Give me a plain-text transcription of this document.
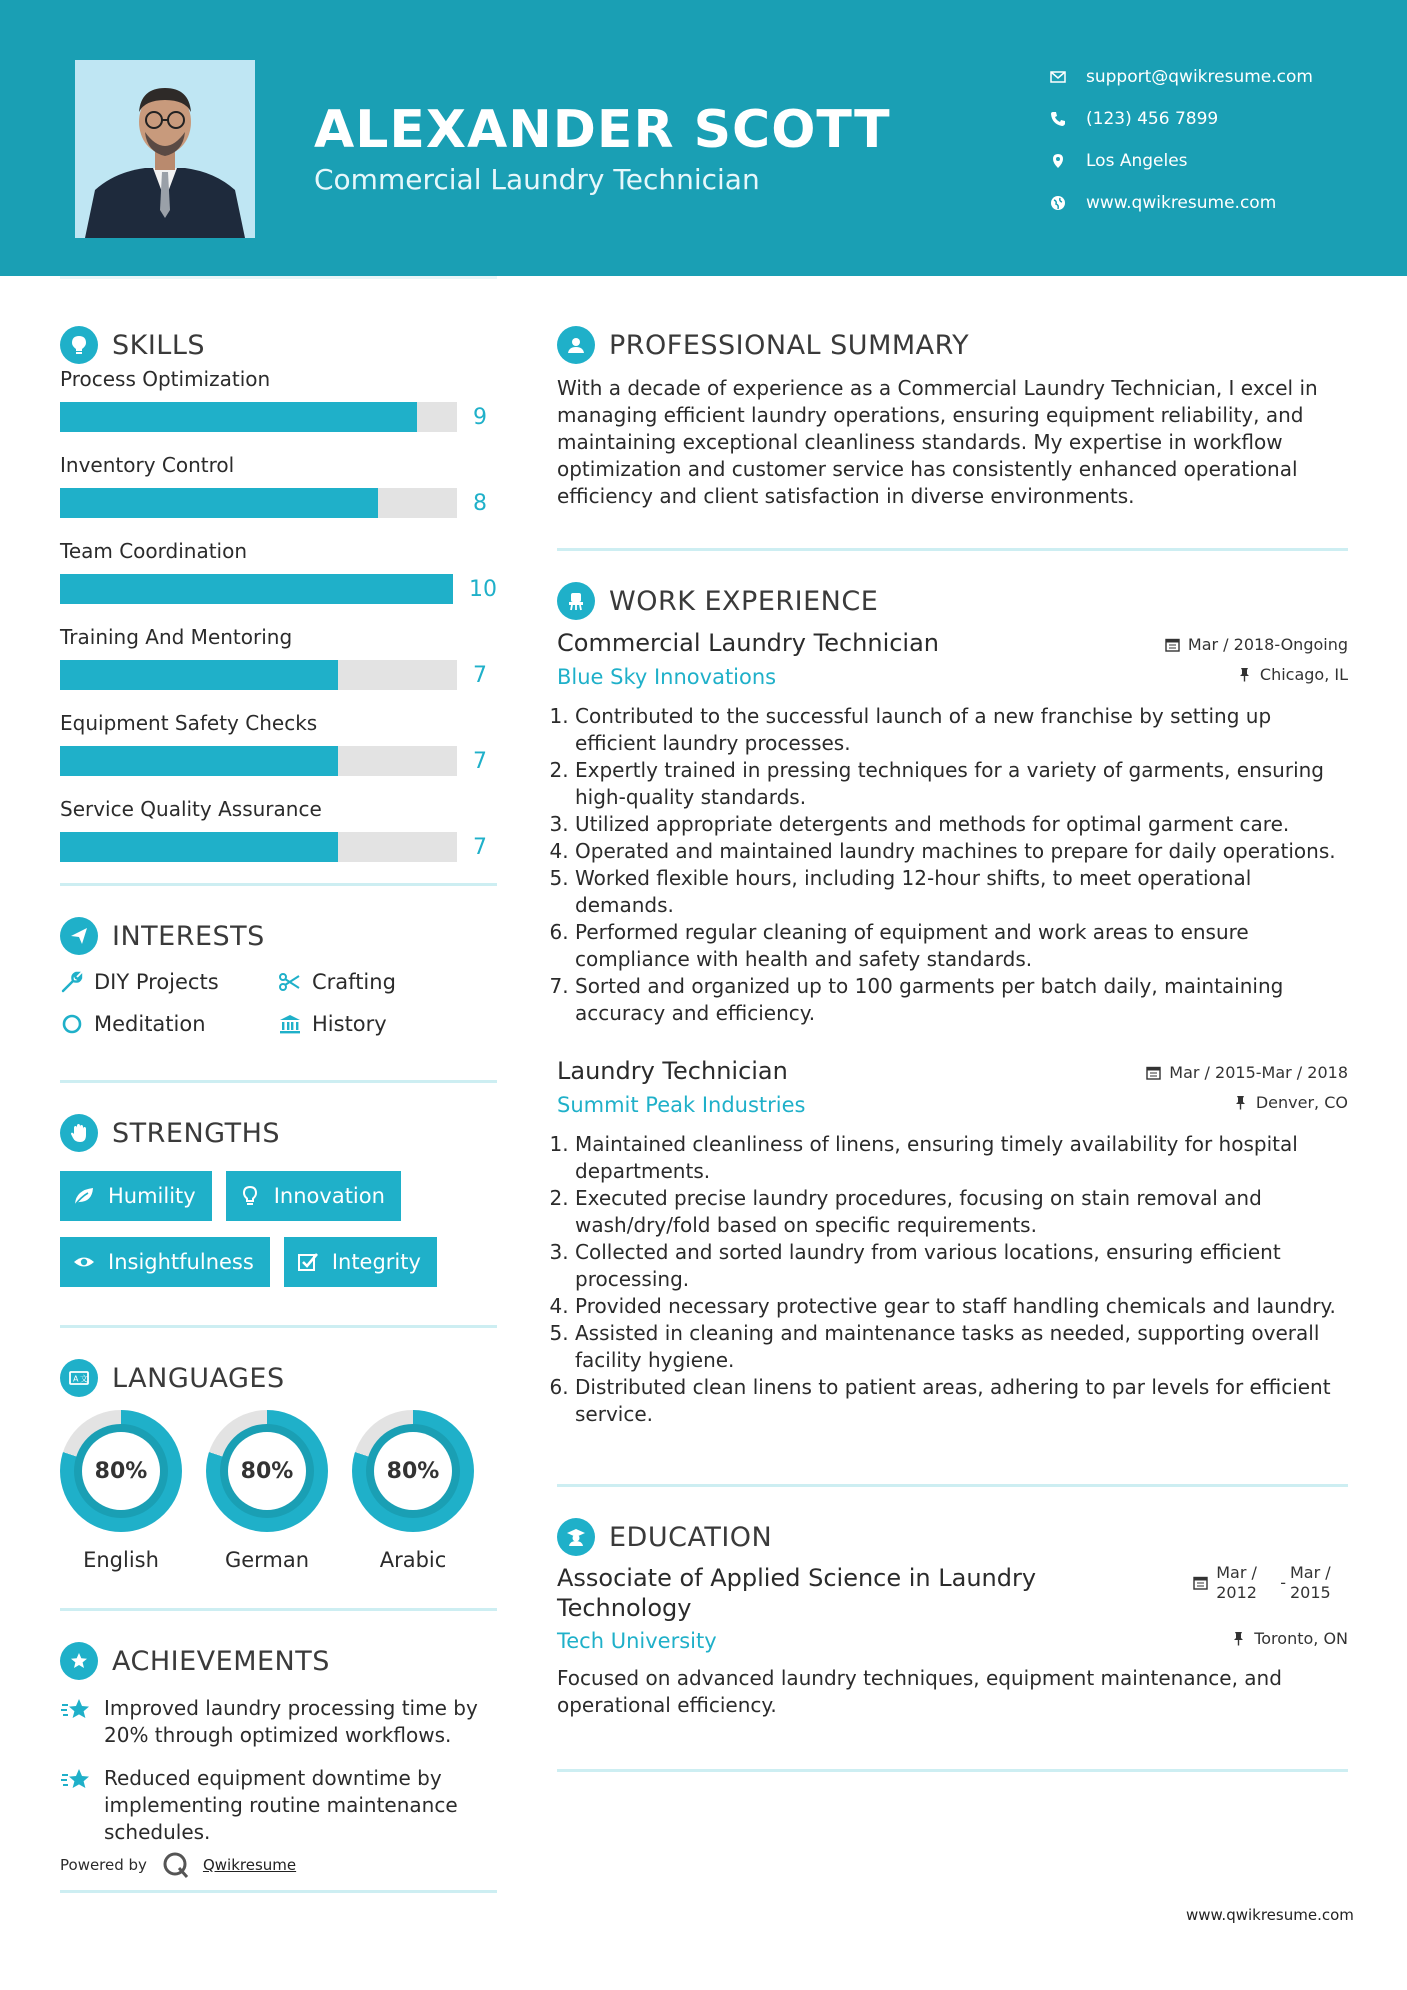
ALEXANDER SCOTT
Commercial Laundry Technician
support@qwikresume.com
(123) 456 7899
Los Angeles
www.qwikresume.com
SKILLS
Process Optimization
9
Inventory Control
8
Team Coordination
10
Training And Mentoring
7
Equipment Safety Checks
7
Service Quality Assurance
7
INTERESTS
DIY Projects	Crafting
Meditation	History
STRENGTHS
Humility	Innovation
Insightfulness	Integrity
A 文 LANGUAGES
80%
English
80%
German
80%
Arabic
ACHIEVEMENTS
Improved laundry processing time by 20% through optimized workflows.
Reduced equipment downtime by implementing routine maintenance schedules.
Powered by	Qwikresume
PROFESSIONAL SUMMARY
With a decade of experience as a Commercial Laundry Technician, I excel in managing efficient laundry operations, ensuring equipment reliability, and maintaining exceptional cleanliness standards. My expertise in workflow optimization and customer service has consistently enhanced operational efficiency and client satisfaction in diverse environments.
WORK EXPERIENCE
Commercial Laundry Technician	Mar / 2018-Ongoing
Blue Sky Innovations	Chicago, IL
1. Contributed to the successful launch of a new franchise by setting up efficient laundry processes.
2. Expertly trained in pressing techniques for a variety of garments, ensuring high-quality standards.
3. Utilized appropriate detergents and methods for optimal garment care.
4. Operated and maintained laundry machines to prepare for daily operations.
5. Worked flexible hours, including 12-hour shifts, to meet operational demands.
6. Performed regular cleaning of equipment and work areas to ensure compliance with health and safety standards.
7. Sorted and organized up to 100 garments per batch daily, maintaining accuracy and efficiency.
Laundry Technician	Mar / 2015-Mar / 2018
Summit Peak Industries	Denver, CO
1. Maintained cleanliness of linens, ensuring timely availability for hospital departments.
2. Executed precise laundry procedures, focusing on stain removal and wash/dry/fold based on specific requirements.
3. Collected and sorted laundry from various locations, ensuring efficient processing.
4. Provided necessary protective gear to staff handling chemicals and laundry.
5. Assisted in cleaning and maintenance tasks as needed, supporting overall facility hygiene.
6. Distributed clean linens to patient areas, adhering to par levels for efficient service.
EDUCATION
Associate of Applied Science in Laundry Technology
Mar / 2012
-
Mar / 2015
Tech University	Toronto, ON
Focused on advanced laundry techniques, equipment maintenance, and operational efficiency.
www.qwikresume.com
